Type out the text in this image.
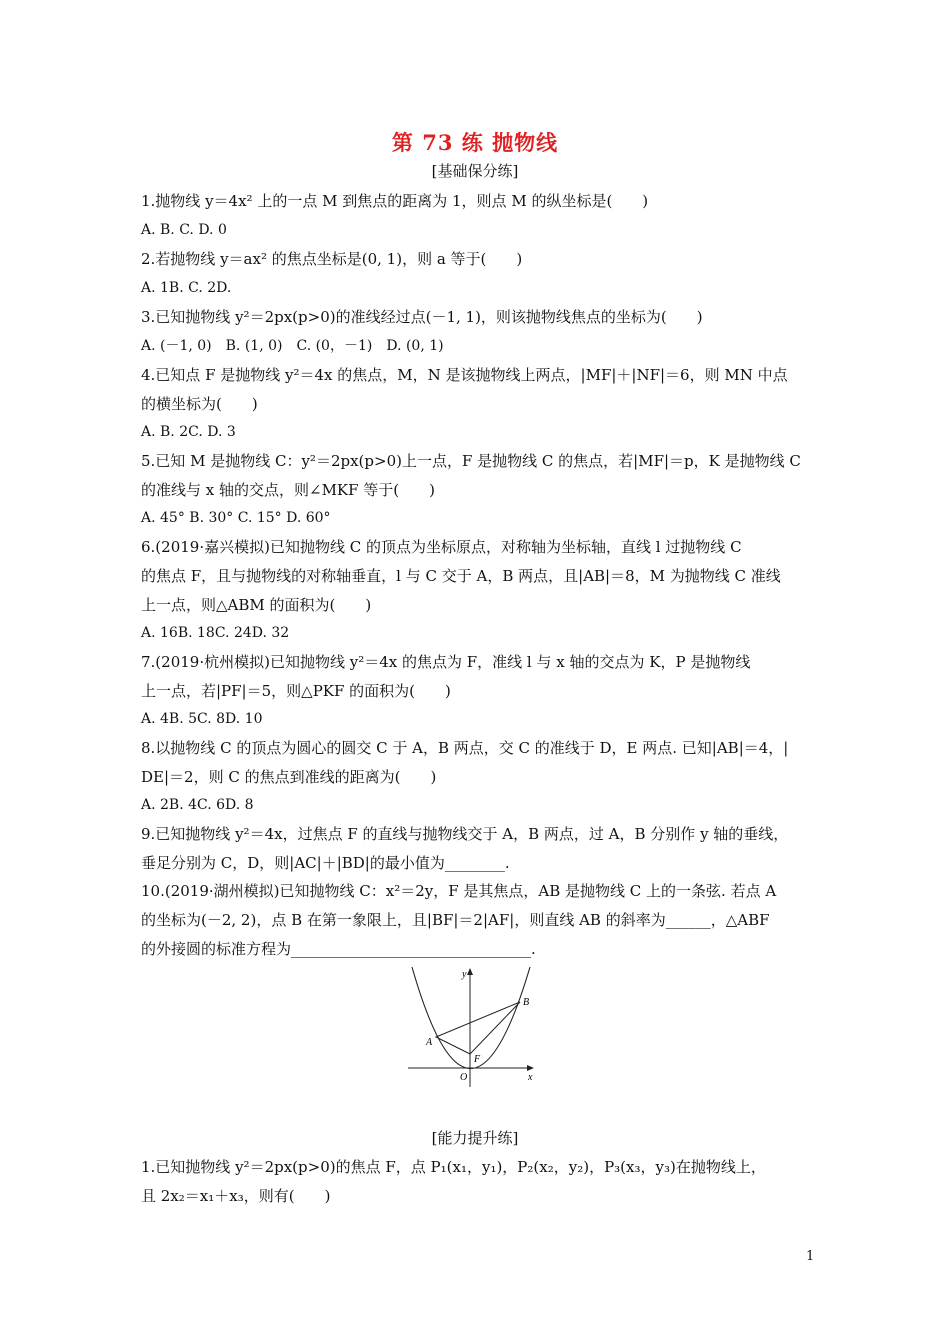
第 73 练 抛物线
[基础保分练]
1.抛物线 y＝4x² 上的一点 M 到焦点的距离为 1，则点 M 的纵坐标是(　　)
A. B. C. D. 0
2.若抛物线 y＝ax² 的焦点坐标是(0, 1)，则 a 等于(　　)
A. 1B. C. 2D.
3.已知抛物线 y²＝2px(p>0)的准线经过点(－1, 1)，则该抛物线焦点的坐标为(　　)
A. (－1, 0)　B. (1, 0)　C. (0，－1)　D. (0, 1)
4.已知点 F 是抛物线 y²＝4x 的焦点，M，N 是该抛物线上两点，|MF|＋|NF|＝6，则 MN 中点
的横坐标为(　　)
A. B. 2C. D. 3
5.已知 M 是抛物线 C：y²＝2px(p>0)上一点，F 是抛物线 C 的焦点，若|MF|＝p，K 是抛物线 C
的准线与 x 轴的交点，则∠MKF 等于(　　)
A. 45° B. 30° C. 15° D. 60°
6.(2019·嘉兴模拟)已知抛物线 C 的顶点为坐标原点，对称轴为坐标轴，直线 l 过抛物线 C
的焦点 F，且与抛物线的对称轴垂直，l 与 C 交于 A，B 两点，且|AB|＝8，M 为抛物线 C 准线
上一点，则△ABM 的面积为(　　)
A. 16B. 18C. 24D. 32
7.(2019·杭州模拟)已知抛物线 y²＝4x 的焦点为 F，准线 l 与 x 轴的交点为 K，P 是抛物线
上一点，若|PF|＝5，则△PKF 的面积为(　　)
A. 4B. 5C. 8D. 10
8.以抛物线 C 的顶点为圆心的圆交 C 于 A，B 两点，交 C 的准线于 D，E 两点. 已知|AB|＝4，|
DE|＝2，则 C 的焦点到准线的距离为(　　)
A. 2B. 4C. 6D. 8
9.已知抛物线 y²＝4x，过焦点 F 的直线与抛物线交于 A，B 两点，过 A，B 分别作 y 轴的垂线，
垂足分别为 C，D，则|AC|＋|BD|的最小值为________.
10.(2019·湖州模拟)已知抛物线 C：x²＝2y，F 是其焦点，AB 是抛物线 C 上的一条弦. 若点 A
的坐标为(－2, 2)，点 B 在第一象限上，且|BF|＝2|AF|，则直线 AB 的斜率为______，△ABF
的外接圆的标准方程为________________________________.
y
x
B
A
F
O
[能力提升练]
1.已知抛物线 y²＝2px(p>0)的焦点 F，点 P₁(x₁，y₁)，P₂(x₂，y₂)，P₃(x₃，y₃)在抛物线上，
且 2x₂＝x₁＋x₃，则有(　　)
1
